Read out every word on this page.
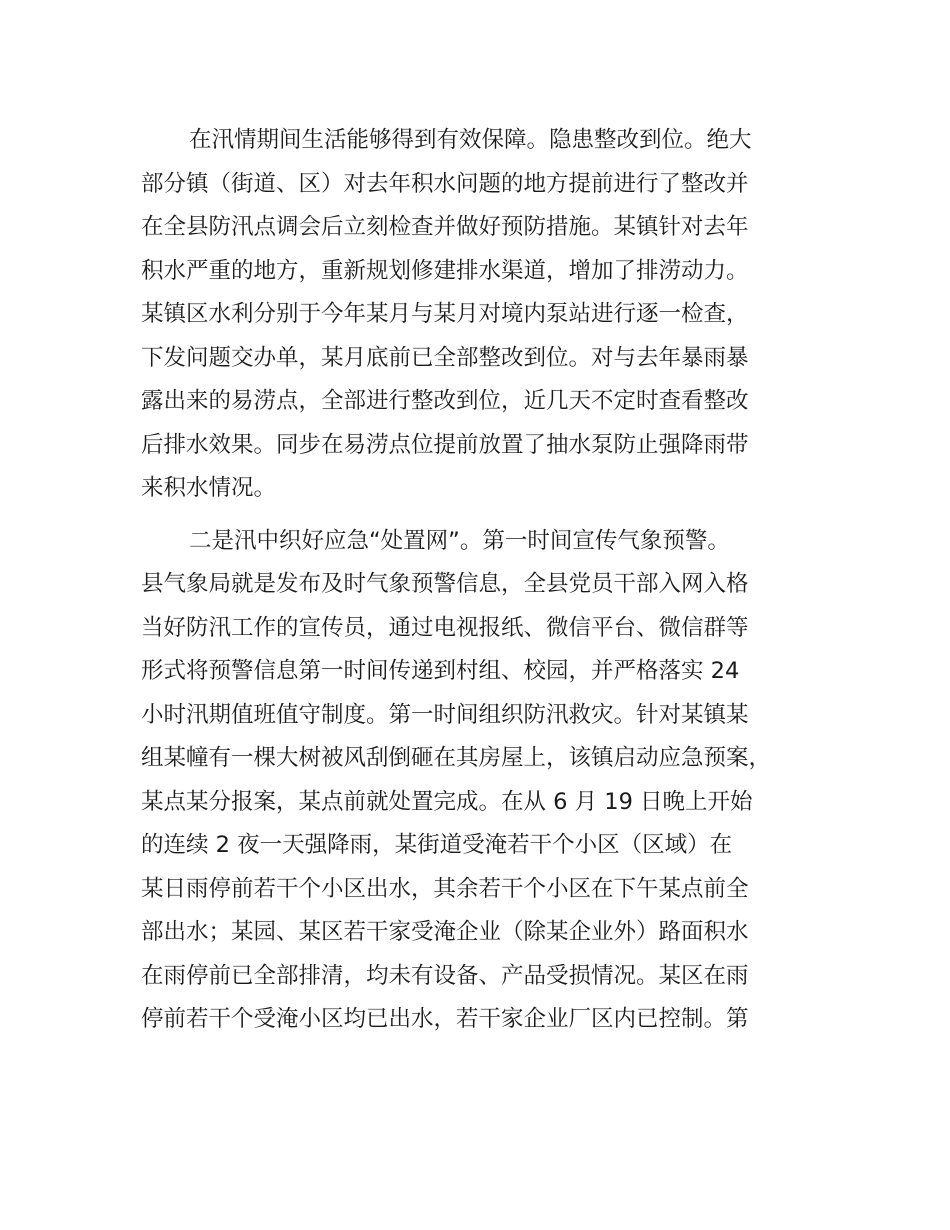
在汛情期间生活能够得到有效保障。隐患整改到位。绝大
部分镇（街道、区）对去年积水问题的地方提前进行了整改并
在全县防汛点调会后立刻检查并做好预防措施。某镇针对去年
积水严重的地方，重新规划修建排水渠道，增加了排涝动力。
某镇区水利分别于今年某月与某月对境内泵站进行逐一检查，
下发问题交办单，某月底前已全部整改到位。对与去年暴雨暴
露出来的易涝点，全部进行整改到位，近几天不定时查看整改
后排水效果。同步在易涝点位提前放置了抽水泵防止强降雨带
来积水情况。

二是汛中织好应急“处置网”。第一时间宣传气象预警。
县气象局就是发布及时气象预警信息，全县党员干部入网入格
当好防汛工作的宣传员，通过电视报纸、微信平台、微信群等
形式将预警信息第一时间传递到村组、校园，并严格落实 24
小时汛期值班值守制度。第一时间组织防汛救灾。针对某镇某
组某幢有一棵大树被风刮倒砸在其房屋上，该镇启动应急预案，
某点某分报案，某点前就处置完成。在从 6 月 19 日晚上开始
的连续 2 夜一天强降雨，某街道受淹若干个小区（区域）在
某日雨停前若干个小区出水，其余若干个小区在下午某点前全
部出水；某园、某区若干家受淹企业（除某企业外）路面积水
在雨停前已全部排清，均未有设备、产品受损情况。某区在雨
停前若干个受淹小区均已出水，若干家企业厂区内已控制。第
